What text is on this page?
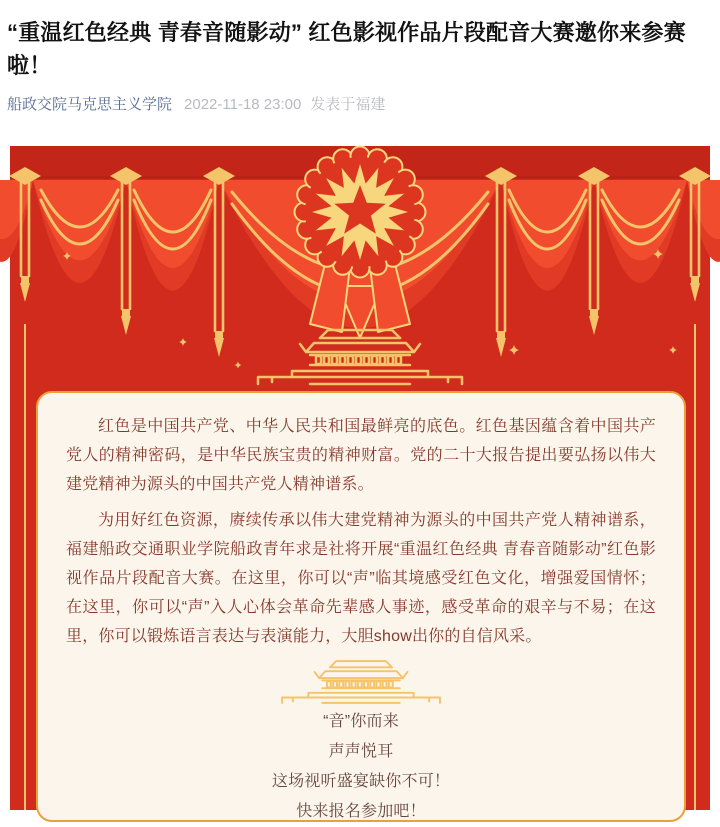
“重温红色经典 青春音随影动” 红色影视作品片段配音大赛邀你来参赛啦！
船政交院马克思主义学院 2022-11-18 23:00 发表于福建

红色是中国共产党、中华人民共和国最鲜亮的底色。红色基因蕴含着中国共产党人的精神密码，是中华民族宝贵的精神财富。党的二十大报告提出要弘扬以伟大建党精神为源头的中国共产党人精神谱系。

为用好红色资源，赓续传承以伟大建党精神为源头的中国共产党人精神谱系，福建船政交通职业学院船政青年求是社将开展“重温红色经典 青春音随影动”红色影视作品片段配音大赛。在这里，你可以“声”临其境感受红色文化，增强爱国情怀；在这里，你可以“声”入人心体会革命先辈感人事迹，感受革命的艰辛与不易；在这里，你可以锻炼语言表达与表演能力，大胆show出你的自信风采。

“音”你而来

声声悦耳

这场视听盛宴缺你不可！

快来报名参加吧！
